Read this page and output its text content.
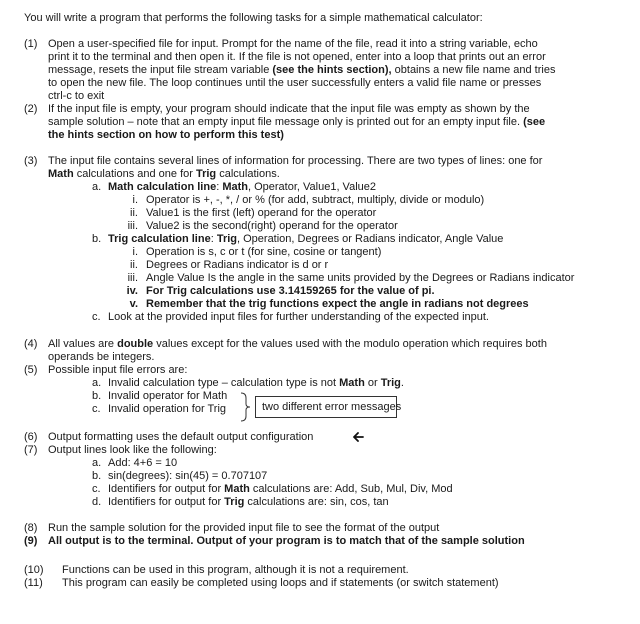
You will write a program that performs the following tasks for a simple mathematical calculator:
(1) Open a user-specified file for input. Prompt for the name of the file, read it into a string variable, echo
print it to the terminal and then open it. If the file is not opened, enter into a loop that prints out an error
message, resets the input file stream variable (see the hints section), obtains a new file name and tries
to open the new file. The loop continues until the user successfully enters a valid file name or presses
ctrl-c to exit
(2) If the input file is empty, your program should indicate that the input file was empty as shown by the
sample solution – note that an empty input file message only is printed out for an empty input file. (see
the hints section on how to perform this test)
(3) The input file contains several lines of information for processing. There are two types of lines: one for
Math calculations and one for Trig calculations.
a. Math calculation line: Math, Operator, Value1, Value2
i. Operator is +, -, *, / or % (for add, subtract, multiply, divide or modulo)
ii. Value1 is the first (left) operand for the operator
iii. Value2 is the second(right) operand for the operator
b. Trig calculation line: Trig, Operation, Degrees or Radians indicator, Angle Value
i. Operation is s, c or t (for sine, cosine or tangent)
ii. Degrees or Radians indicator is d or r
iii. Angle Value Is the angle in the same units provided by the Degrees or Radians indicator
iv. For Trig calculations use 3.14159265 for the value of pi.
v. Remember that the trig functions expect the angle in radians not degrees
c. Look at the provided input files for further understanding of the expected input.
(4) All values are double values except for the values used with the modulo operation which requires both
operands be integers.
(5) Possible input file errors are:
a. Invalid calculation type – calculation type is not Math or Trig.
b. Invalid operator for Math
c. Invalid operation for Trig	two different error messages
(6) Output formatting uses the default output configuration
(7) Output lines look like the following:
a. Add: 4+6 = 10
b. sin(degrees): sin(45) = 0.707107
c. Identifiers for output for Math calculations are: Add, Sub, Mul, Div, Mod
d. Identifiers for output for Trig calculations are: sin, cos, tan
(8) Run the sample solution for the provided input file to see the format of the output
(9) All output is to the terminal. Output of your program is to match that of the sample solution
(10) Functions can be used in this program, although it is not a requirement.
(11) This program can easily be completed using loops and if statements (or switch statement)
